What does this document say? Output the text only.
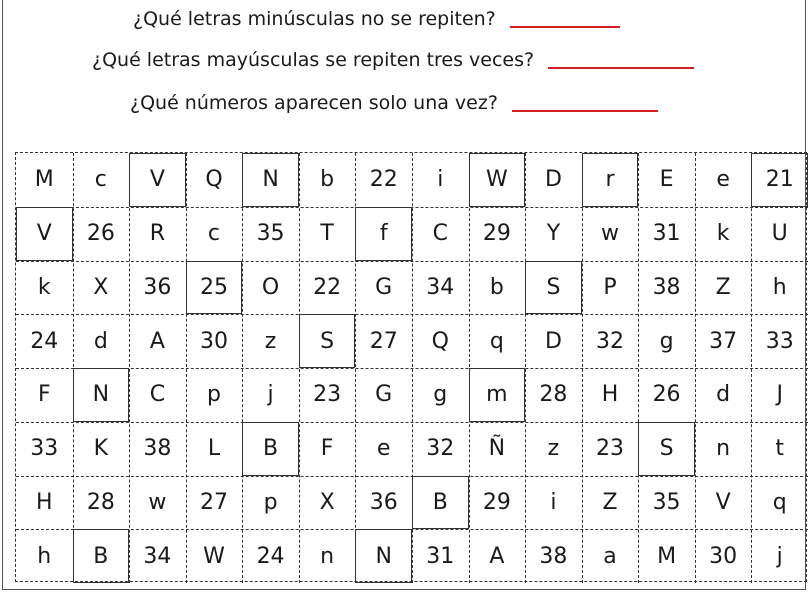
¿Qué letras minúsculas no se repiten?
¿Qué letras mayúsculas se repiten tres veces?
¿Qué números aparecen solo una vez?
M	c	V	Q	N	b	22	i	W	D	r	E	e	21
V	26	R	c	35	T	f	C	29	Y	w	31	k	U
k	X	36	25	O	22	G	34	b	S	P	38	Z	h
24	d	A	30	z	S	27	Q	q	D	32	g	37	33
F	N	C	p	j	23	G	g	m	28	H	26	d	J
33	K	38	L	B	F	e	32	Ñ	z	23	S	n	t
H	28	w	27	p	X	36	B	29	i	Z	35	V	q
h	B	34	W	24	n	N	31	A	38	a	M	30	j
